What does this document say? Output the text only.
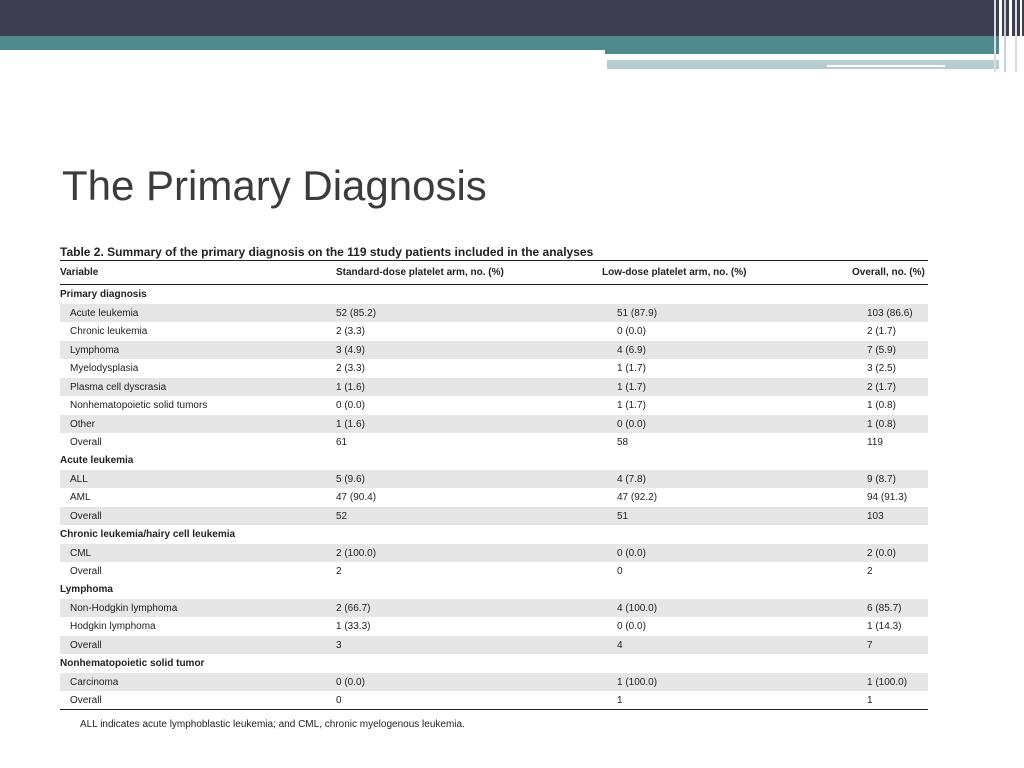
The Primary Diagnosis
Table 2. Summary of the primary diagnosis on the 119 study patients included in the analyses
Variable	Standard-dose platelet arm, no. (%)	Low-dose platelet arm, no. (%)	Overall, no. (%)
Primary diagnosis			
Acute leukemia	52 (85.2)	51 (87.9)	103 (86.6)
Chronic leukemia	2 (3.3)	0 (0.0)	2 (1.7)
Lymphoma	3 (4.9)	4 (6.9)	7 (5.9)
Myelodysplasia	2 (3.3)	1 (1.7)	3 (2.5)
Plasma cell dyscrasia	1 (1.6)	1 (1.7)	2 (1.7)
Nonhematopoietic solid tumors	0 (0.0)	1 (1.7)	1 (0.8)
Other	1 (1.6)	0 (0.0)	1 (0.8)
Overall	61	58	119
Acute leukemia			
ALL	5 (9.6)	4 (7.8)	9 (8.7)
AML	47 (90.4)	47 (92.2)	94 (91.3)
Overall	52	51	103
Chronic leukemia/hairy cell leukemia			
CML	2 (100.0)	0 (0.0)	2 (0.0)
Overall	2	0	2
Lymphoma			
Non-Hodgkin lymphoma	2 (66.7)	4 (100.0)	6 (85.7)
Hodgkin lymphoma	1 (33.3)	0 (0.0)	1 (14.3)
Overall	3	4	7
Nonhematopoietic solid tumor			
Carcinoma	0 (0.0)	1 (100.0)	1 (100.0)
Overall	0	1	1
ALL indicates acute lymphoblastic leukemia; and CML, chronic myelogenous leukemia.
